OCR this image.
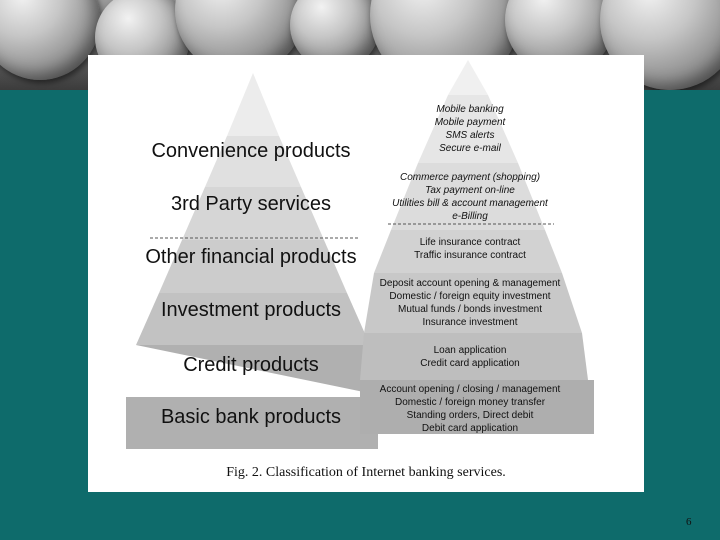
Convenience products
3rd Party services
Other financial products
Investment products
Credit products
Basic bank products
Mobile banking
Mobile payment
SMS alerts
Secure e-mail
Commerce payment (shopping)
Tax payment on-line
Utilities bill & account management
e-Billing
Life insurance contract
Traffic insurance contract
Deposit account opening & management
Domestic / foreign equity investment
Mutual funds / bonds investment
Insurance investment
Loan application
Credit card application
Account opening / closing / management
Domestic / foreign money transfer
Standing orders, Direct debit
Debit card application
Fig. 2. Classification of Internet banking services.
6
